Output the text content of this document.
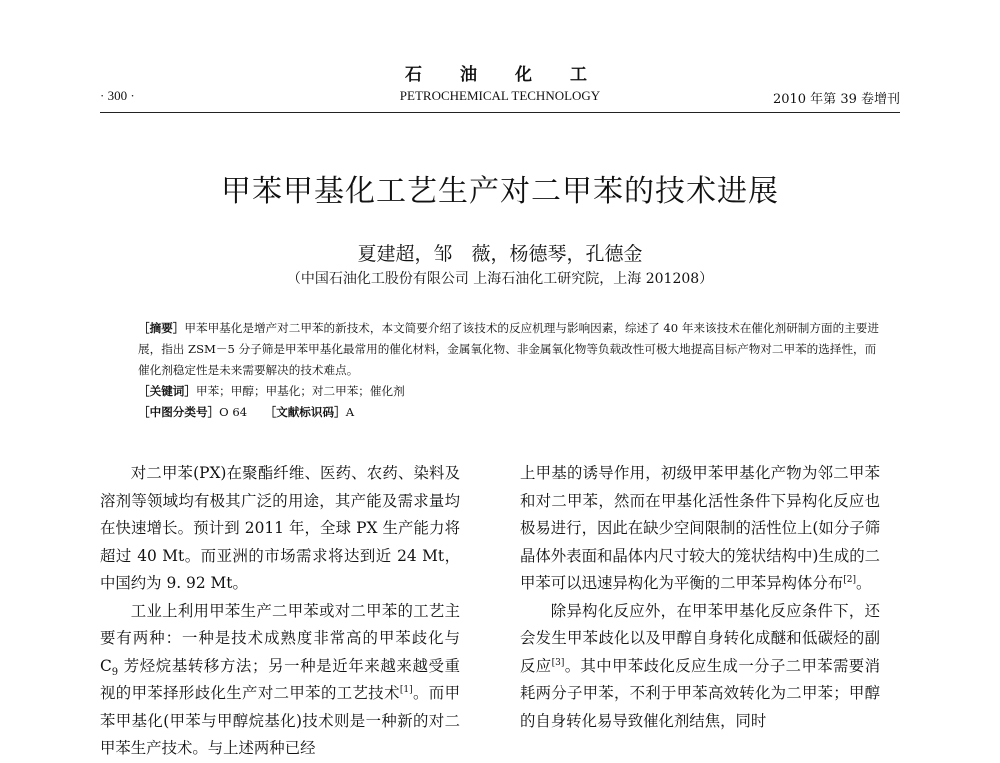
石油化工
· 300 ·	PETROCHEMICAL TECHNOLOGY	2010 年第 39 卷增刊
甲苯甲基化工艺生产对二甲苯的技术进展
夏建超，邹　薇，杨德琴，孔德金
（中国石油化工股份有限公司 上海石油化工研究院，上海 201208）

［摘要］甲苯甲基化是增产对二甲苯的新技术，本文简要介绍了该技术的反应机理与影响因素，综述了 40 年来该技术在催化剂研制方面的主要进展，指出 ZSM－5 分子筛是甲苯甲基化最常用的催化材料，金属氧化物、非金属氧化物等负载改性可极大地提高目标产物对二甲苯的选择性，而催化剂稳定性是未来需要解决的技术难点。

［关键词］甲苯；甲醇；甲基化；对二甲苯；催化剂

［中图分类号］O 64　　 ［文献标识码］A

对二甲苯(PX)在聚酯纤维、医药、农药、染料及溶剂等领域均有极其广泛的用途，其产能及需求量均在快速增长。预计到 2011 年，全球 PX 生产能力将超过 40 Mt。而亚洲的市场需求将达到近 24 Mt，中国约为 9. 92 Mt。

工业上利用甲苯生产二甲苯或对二甲苯的工艺主要有两种：一种是技术成熟度非常高的甲苯歧化与 $C_9$ 芳烃烷基转移方法；另一种是近年来越来越受重视的甲苯择形歧化生产对二甲苯的工艺技术[1]。而甲苯甲基化(甲苯与甲醇烷基化)技术则是一种新的对二甲苯生产技术。与上述两种已经

上甲基的诱导作用，初级甲苯甲基化产物为邻二甲苯和对二甲苯，然而在甲基化活性条件下异构化反应也极易进行，因此在缺少空间限制的活性位上(如分子筛晶体外表面和晶体内尺寸较大的笼状结构中)生成的二甲苯可以迅速异构化为平衡的二甲苯异构体分布[2]。

除异构化反应外，在甲苯甲基化反应条件下，还会发生甲苯歧化以及甲醇自身转化成醚和低碳烃的副反应[3]。其中甲苯歧化反应生成一分子二甲苯需要消耗两分子甲苯，不利于甲苯高效转化为二甲苯；甲醇的自身转化易导致催化剂结焦，同时
